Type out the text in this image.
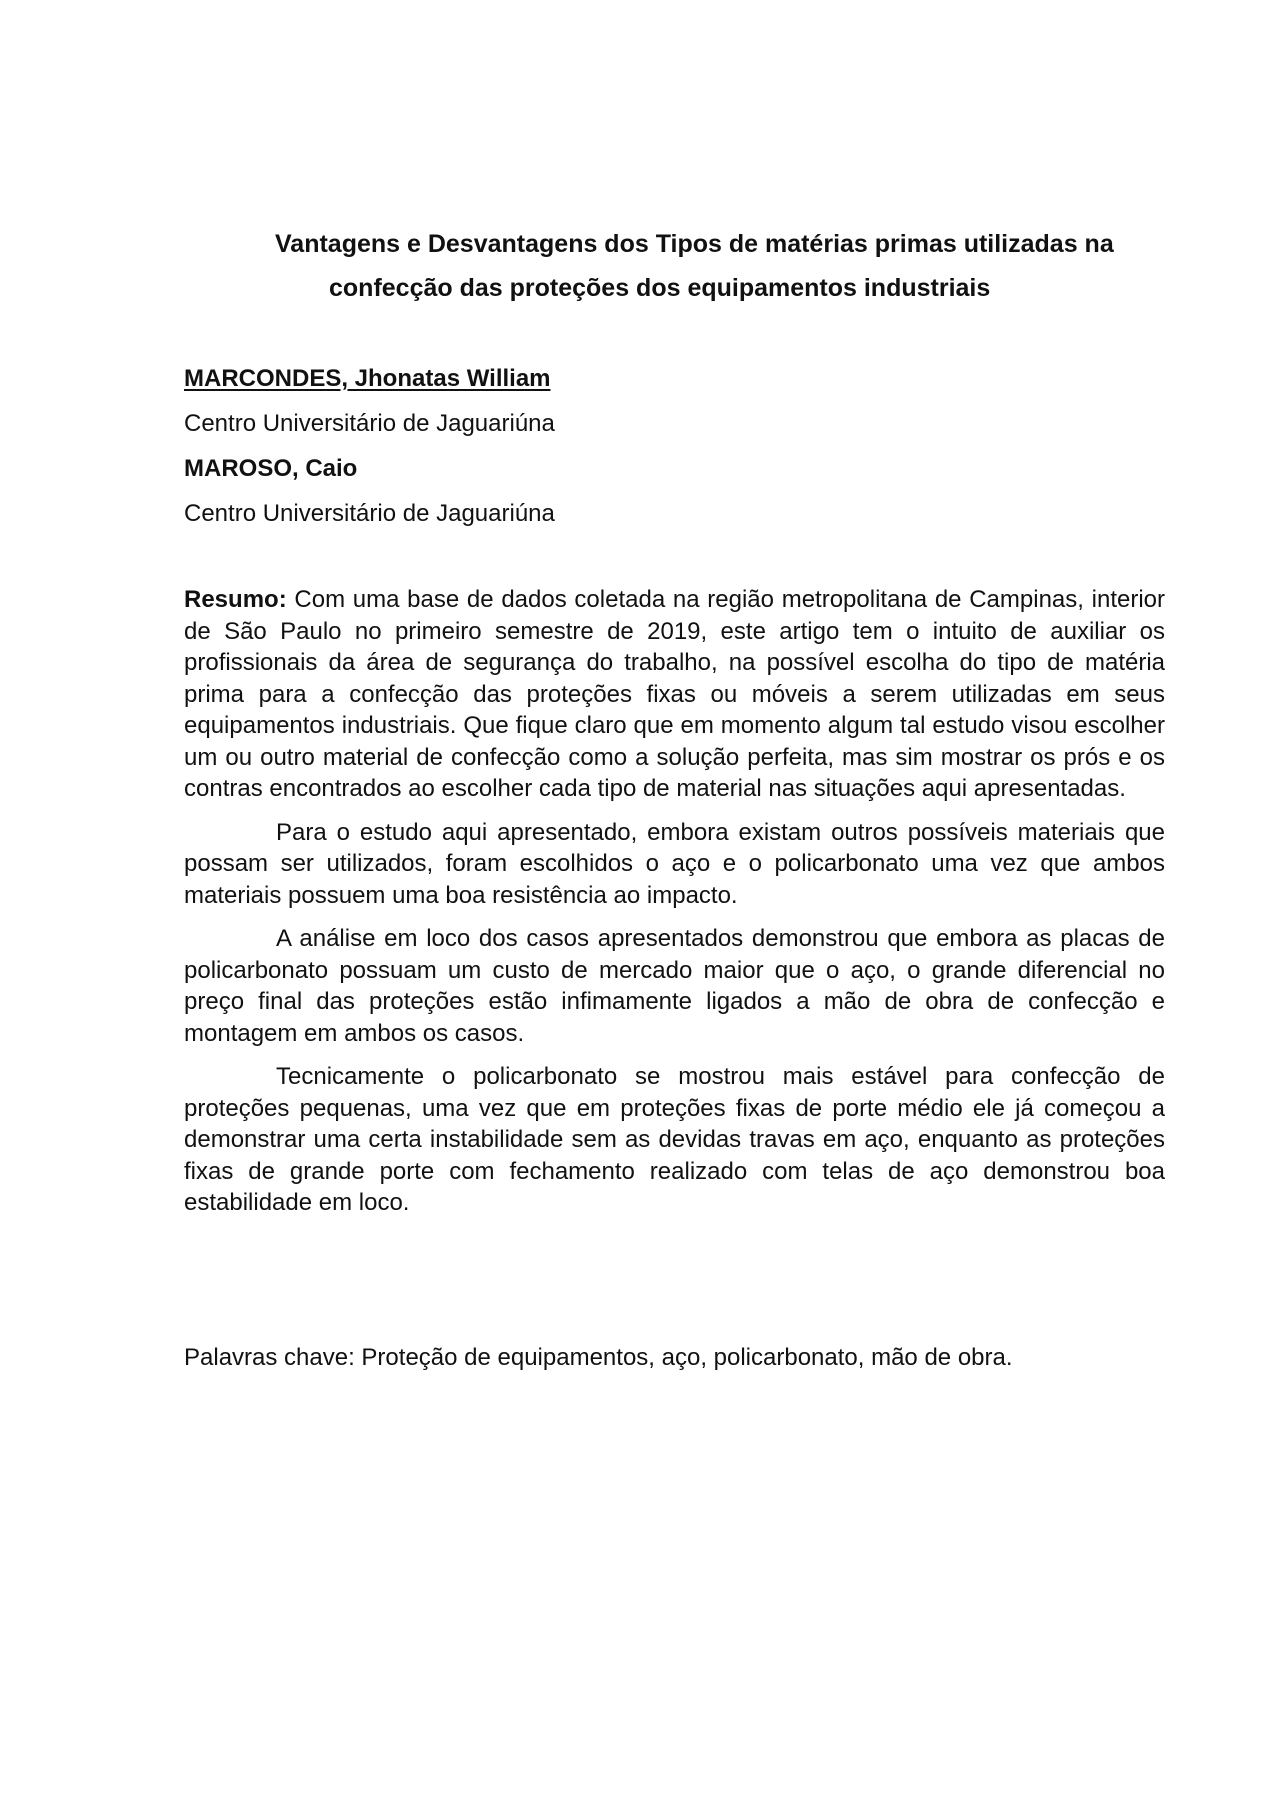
Vantagens e Desvantagens dos Tipos de matérias primas utilizadas na
confecção das proteções dos equipamentos industriais
MARCONDES, Jhonatas William
Centro Universitário de Jaguariúna
MAROSO, Caio
Centro Universitário de Jaguariúna

Resumo: Com uma base de dados coletada na região metropolitana de Campinas, interior de São Paulo no primeiro semestre de 2019, este artigo tem o intuito de auxiliar os profissionais da área de segurança do trabalho, na possível escolha do tipo de matéria prima para a confecção das proteções fixas ou móveis a serem utilizadas em seus equipamentos industriais. Que fique claro que em momento algum tal estudo visou escolher um ou outro material de confecção como a solução perfeita, mas sim mostrar os prós e os contras encontrados ao escolher cada tipo de material nas situações aqui apresentadas.

Para o estudo aqui apresentado, embora existam outros possíveis materiais que possam ser utilizados, foram escolhidos o aço e o policarbonato uma vez que ambos materiais possuem uma boa resistência ao impacto.

A análise em loco dos casos apresentados demonstrou que embora as placas de policarbonato possuam um custo de mercado maior que o aço, o grande diferencial no preço final das proteções estão infimamente ligados a mão de obra de confecção e montagem em ambos os casos.

Tecnicamente o policarbonato se mostrou mais estável para confecção de proteções pequenas, uma vez que em proteções fixas de porte médio ele já começou a demonstrar uma certa instabilidade sem as devidas travas em aço, enquanto as proteções fixas de grande porte com fechamento realizado com telas de aço demonstrou boa estabilidade em loco.

Palavras chave: Proteção de equipamentos, aço, policarbonato, mão de obra.
